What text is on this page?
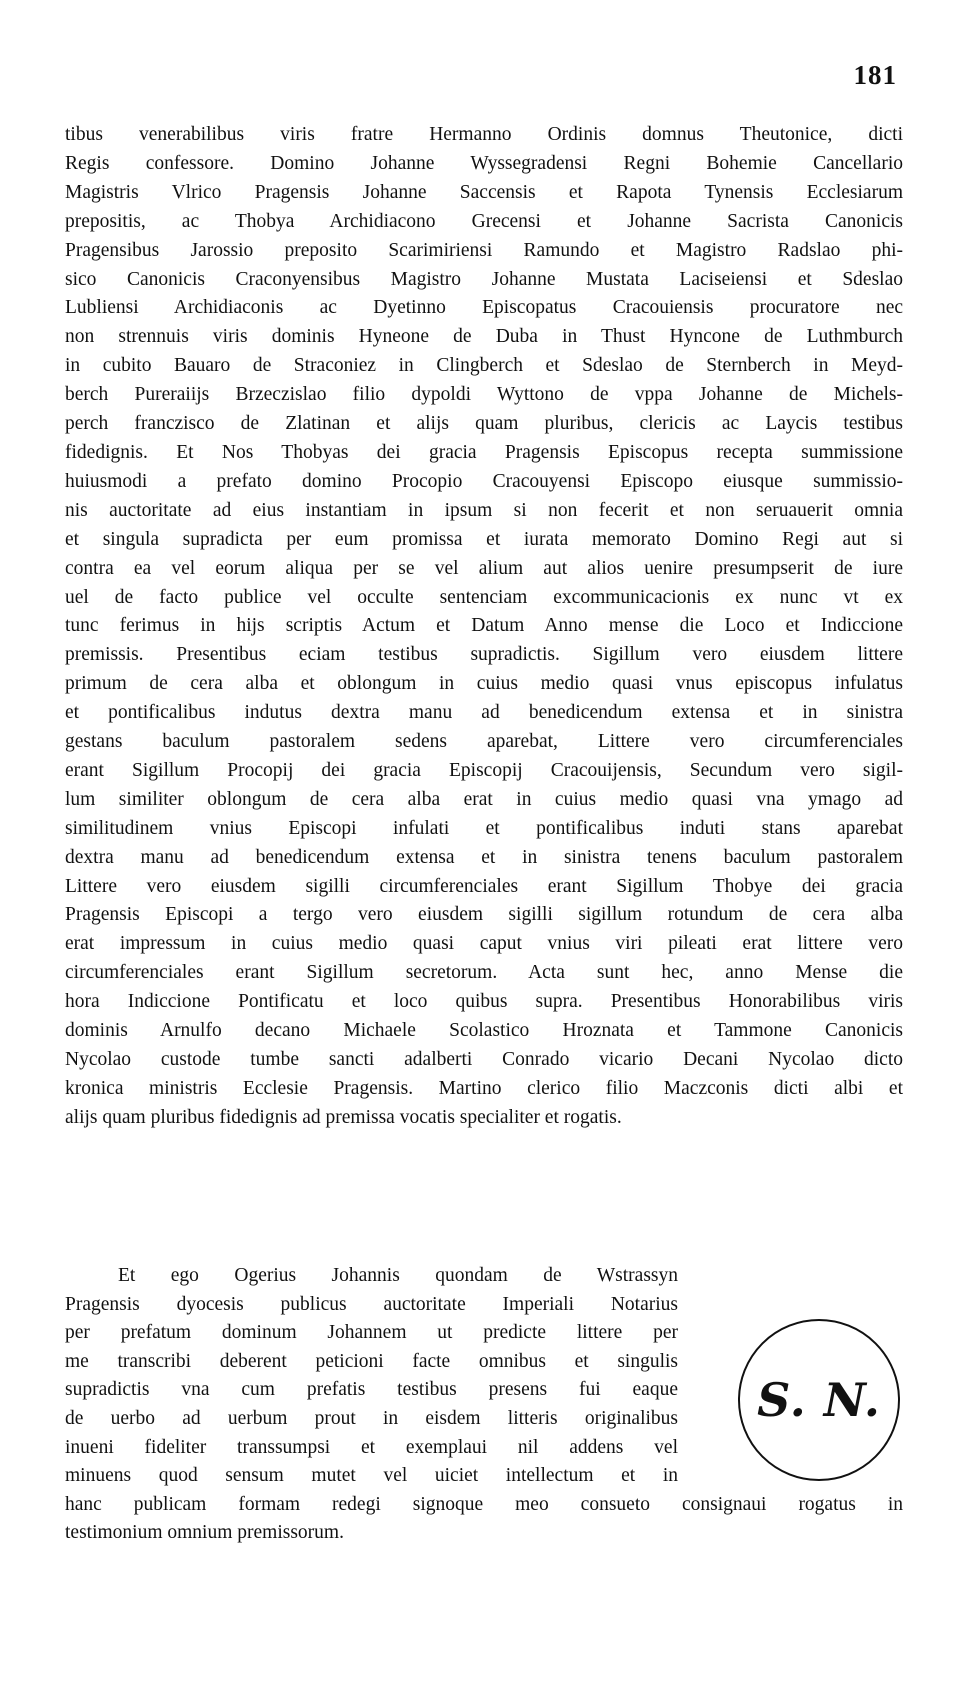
181
tibus venerabilibus viris fratre Hermanno Ordinis domnus Theutonice, dicti
Regis confessore. Domino Johanne Wyssegradensi Regni Bohemie Cancellario
Magistris Vlrico Pragensis Johanne Saccensis et Rapota Tynensis Ecclesiarum
prepositis, ac Thobya Archidiacono Grecensi et Johanne Sacrista Canonicis
Pragensibus Jarossio preposito Scarimiriensi Ramundo et Magistro Radslao phi-
sico Canonicis Craconyensibus Magistro Johanne Mustata Laciseiensi et Sdeslao
Lubliensi Archidiaconis ac Dyetinno Episcopatus Cracouiensis procuratore nec
non strennuis viris dominis Hyneone de Duba in Thust Hyncone de Luthmburch
in cubito Bauaro de Straconiez in Clingberch et Sdeslao de Sternberch in Meyd-
berch Pureraiijs Brzeczislao filio dypoldi Wyttono de vppa Johanne de Michels-
perch franczisco de Zlatinan et alijs quam pluribus, clericis ac Laycis testibus
fidedignis. Et Nos Thobyas dei gracia Pragensis Episcopus recepta summissione
huiusmodi a prefato domino Procopio Cracouyensi Episcopo eiusque summissio-
nis auctoritate ad eius instantiam in ipsum si non fecerit et non seruauerit omnia
et singula supradicta per eum promissa et iurata memorato Domino Regi aut si
contra ea vel eorum aliqua per se vel alium aut alios uenire presumpserit de iure
uel de facto publice vel occulte sentenciam excommunicacionis ex nunc vt ex
tunc ferimus in hijs scriptis Actum et Datum Anno mense die Loco et Indiccione
premissis. Presentibus eciam testibus supradictis. Sigillum vero eiusdem littere
primum de cera alba et oblongum in cuius medio quasi vnus episcopus infulatus
et pontificalibus indutus dextra manu ad benedicendum extensa et in sinistra
gestans baculum pastoralem sedens aparebat, Littere vero circumferenciales
erant Sigillum Procopij dei gracia Episcopij Cracouijensis, Secundum vero sigil-
lum similiter oblongum de cera alba erat in cuius medio quasi vna ymago ad
similitudinem vnius Episcopi infulati et pontificalibus induti stans aparebat
dextra manu ad benedicendum extensa et in sinistra tenens baculum pastoralem
Littere vero eiusdem sigilli circumferenciales erant Sigillum Thobye dei gracia
Pragensis Episcopi a tergo vero eiusdem sigilli sigillum rotundum de cera alba
erat impressum in cuius medio quasi caput vnius viri pileati erat littere vero
circumferenciales erant Sigillum secretorum. Acta sunt hec, anno Mense die
hora Indiccione Pontificatu et loco quibus supra. Presentibus Honorabilibus viris
dominis Arnulfo decano Michaele Scolastico Hroznata et Tammone Canonicis
Nycolao custode tumbe sancti adalberti Conrado vicario Decani Nycolao dicto
kronica ministris Ecclesie Pragensis. Martino clerico filio Maczconis dicti albi et
alijs quam pluribus fidedignis ad premissa vocatis specialiter et rogatis.
Et ego Ogerius Johannis quondam de Wstrassyn
Pragensis dyocesis publicus auctoritate Imperiali Notarius
per prefatum dominum Johannem ut predicte littere per
me transcribi deberent peticioni facte omnibus et singulis
supradictis vna cum prefatis testibus presens fui eaque
de uerbo ad uerbum prout in eisdem litteris originalibus
inueni fideliter transsumpsi et exemplaui nil addens vel
minuens quod sensum mutet vel uiciet intellectum et in
hanc publicam formam redegi signoque meo consueto consignaui rogatus in
testimonium omnium premissorum.
S. N.
